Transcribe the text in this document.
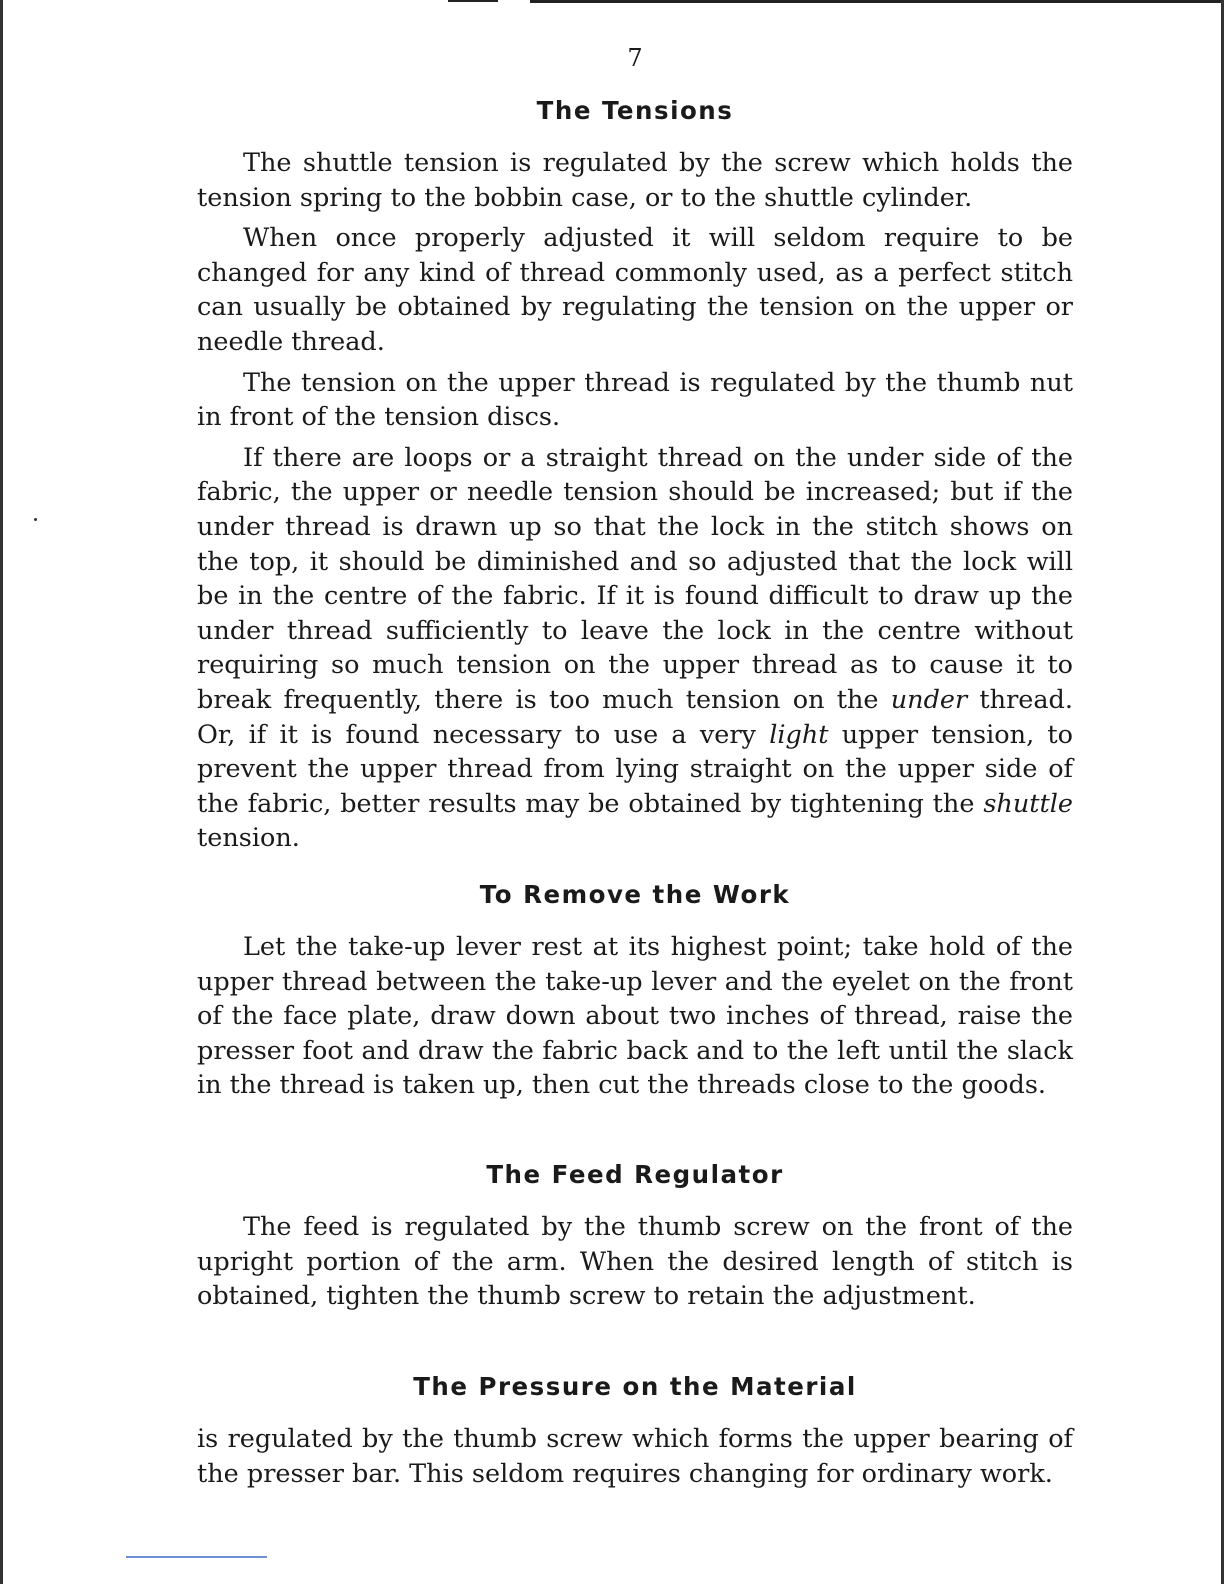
7
The Tensions

The shuttle tension is regulated by the screw which holds the tension spring to the bobbin case, or to the shuttle cylinder.

When once properly adjusted it will seldom require to be changed for any kind of thread commonly used, as a perfect stitch can usually be obtained by regulating the tension on the upper or needle thread.

The tension on the upper thread is regulated by the thumb nut in front of the tension discs.

If there are loops or a straight thread on the under side of the fabric, the upper or needle tension should be increased; but if the under thread is drawn up so that the lock in the stitch shows on the top, it should be diminished and so adjusted that the lock will be in the centre of the fabric. If it is found difficult to draw up the under thread sufficiently to leave the lock in the centre without requiring so much tension on the upper thread as to cause it to break frequently, there is too much tension on the under thread. Or, if it is found necessary to use a very light upper tension, to prevent the upper thread from lying straight on the upper side of the fabric, better results may be obtained by tightening the shuttle tension.

To Remove the Work

Let the take-up lever rest at its highest point; take hold of the upper thread between the take-up lever and the eyelet on the front of the face plate, draw down about two inches of thread, raise the presser foot and draw the fabric back and to the left until the slack in the thread is taken up, then cut the threads close to the goods.

The Feed Regulator

The feed is regulated by the thumb screw on the front of the upright portion of the arm. When the desired length of stitch is obtained, tighten the thumb screw to retain the adjustment.

The Pressure on the Material

is regulated by the thumb screw which forms the upper bearing of the presser bar. This seldom requires changing for ordinary work.
